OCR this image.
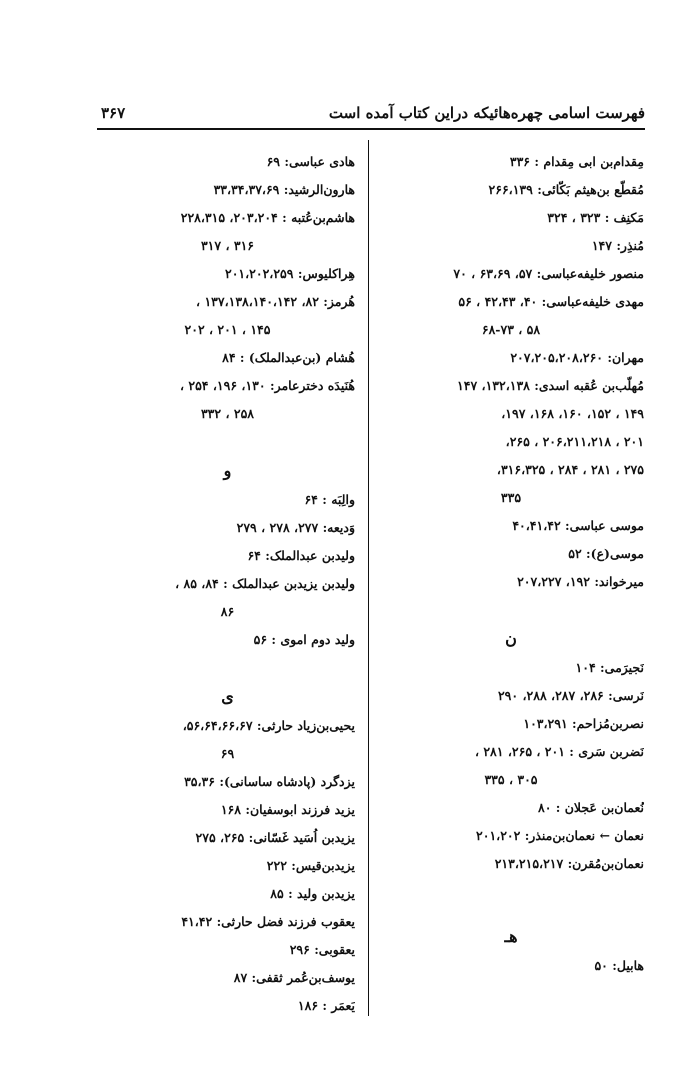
فهرست اسامی چهره‌هائیکه دراین کتاب آمده است
۳۶۷
مِقدام‌بن ابی مِقدام : ۳۳۶
مُقطّع بن‌هیثم بَکّائی: ۲۶۶،۱۳۹
مَکنِف : ۳۲۳ ، ۳۲۴
مُنذِر: ۱۴۷
منصور خلیفه‌عباسی: ۵۷، ۶۳،۶۹ ، ۷۰
مهدی خلیفه‌عباسی: ۴۰، ۴۲،۴۳ ، ۵۶
۵۸ ، ۶۸-۷۳
مهران: ۲۰۷،۲۰۵،۲۰۸،۲۶۰
مُهلّب‌بن عُقبه اسدی: ۱۳۲،۱۳۸، ۱۴۷
۱۴۹ ، ۱۵۲، ۱۶۰، ۱۶۸، ۱۹۷،
۲۰۱ ، ۲۰۶،۲۱۱،۲۱۸ ، ۲۶۵،
۲۷۵ ، ۲۸۱ ، ۲۸۴ ، ۳۱۶،۳۲۵،
۳۳۵
موسی عباسی: ۴۰،۴۱،۴۲
موسی(ع): ۵۲
میرخواند: ۱۹۲، ۲۰۷،۲۲۷
ن
نَجیرَمی: ۱۰۴
نَرسی: ۲۸۶، ۲۸۷، ۲۸۸، ۲۹۰
نصربن‌مُزاحم: ۱۰۳،۲۹۱
نَضربن سَری : ۲۰۱ ، ۲۶۵، ۲۸۱ ،
۳۰۵ ، ۳۳۵
نُعمان‌بن عَجلان : ۸۰
نعمان ← نعمان‌بن‌منذر: ۲۰۱،۲۰۲
نعمان‌بن‌مُقرن: ۲۱۳،۲۱۵،۲۱۷
هـ
هابیل: ۵۰
هادی عباسی: ۶۹
هارون‌الرشید: ۳۳،۳۴،۳۷،۶۹
هاشم‌بن‌عُتبه : ۲۰۳،۲۰۴، ۲۲۸،۳۱۵
۳۱۶ ، ۳۱۷
هِراکلیوس: ۲۰۱،۲۰۲،۲۵۹
هُرمز: ۸۲، ۱۳۷،۱۳۸،۱۴۰،۱۴۲ ،
۱۴۵ ، ۲۰۱ ، ۲۰۲
هُشام (بن‌عبدالملک) : ۸۴
هُنَیدَه دخترعامر: ۱۳۰، ۱۹۶، ۲۵۴ ،
۲۵۸ ، ۳۳۲
و
والِبَه : ۶۴
وَدیعه: ۲۷۷، ۲۷۸ ، ۲۷۹
ولیدبن عبدالملک: ۶۴
ولیدبن یزیدبن عبدالملک : ۸۴، ۸۵ ،
۸۶
ولید دوم اموی : ۵۶
ی
یحیی‌بن‌زیاد حارثی: ۵۶،۶۴،۶۶،۶۷،
۶۹
یزدگرد (پادشاه ساسانی): ۳۵،۳۶
یزید فرزند ابوسفیان: ۱۶۸
یزیدبن اُسَید غَسّانی: ۲۶۵، ۲۷۵
یزیدبن‌قیس: ۲۲۲
یزیدبن ولید : ۸۵
یعقوب فرزند فضل حارثی: ۴۱،۴۲
یعقوبی: ۲۹۶
یوسف‌بن‌عُمر ثقفی: ۸۷
یَعمَر : ۱۸۶
